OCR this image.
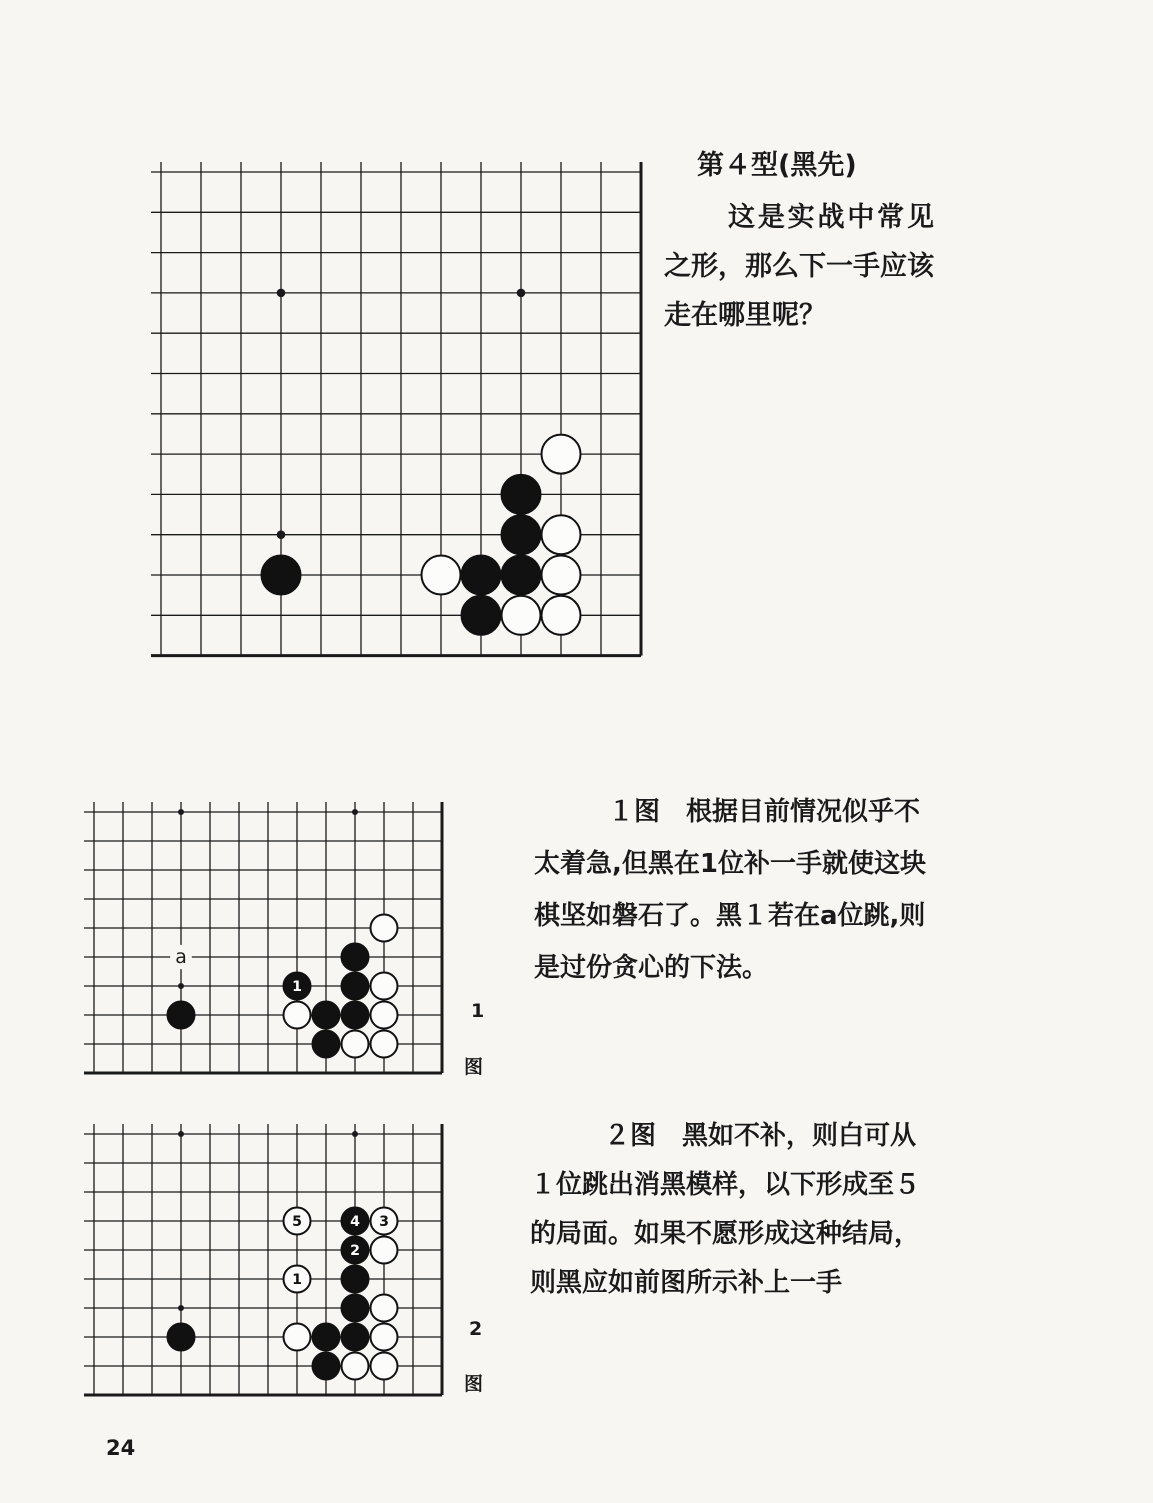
第４型(黑先)
这是实战中常见之形，那么下一手应该走在哪里呢？
a
1
1
图
１图　根据目前情况似乎不太着急,但黑在1位补一手就使这块棋坚如磐石了。黑１若在a位跳,则是过份贪心的下法。
5	4 3
2
1
2
图
２图　黑如不补，则白可从１位跳出消黑模样，以下形成至５的局面。如果不愿形成这种结局，则黑应如前图所示补上一手
24
